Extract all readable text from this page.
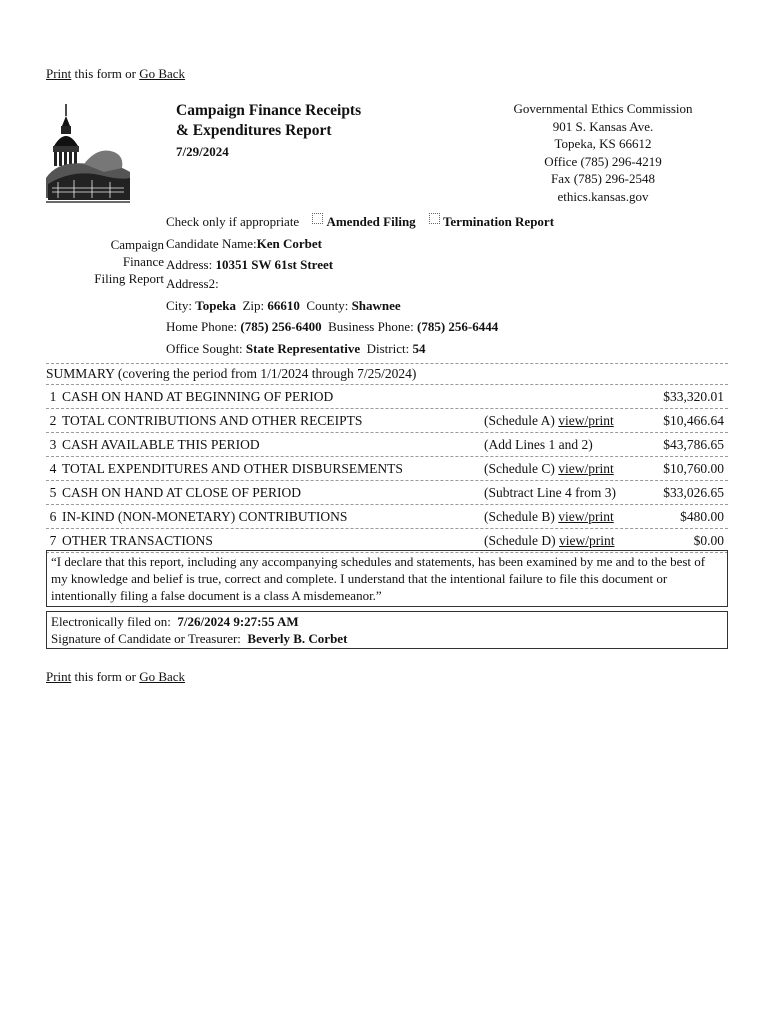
Print this form or Go Back
Campaign Finance Receipts
& Expenditures Report
7/29/2024
Governmental Ethics Commission
901 S. Kansas Ave.
Topeka, KS 66612
Office (785) 296-4219
Fax (785) 296-2548
ethics.kansas.gov
Check only if appropriate Amended Filing Termination Report
Campaign
Finance
Filing Report
Candidate Name:Ken Corbet
Address: 10351 SW 61st Street
Address2:
City: Topeka Zip: 66610 County: Shawnee
Home Phone: (785) 256-6400 Business Phone: (785) 256-6444
Office Sought: State Representative District: 54
SUMMARY (covering the period from 1/1/2024 through 7/25/2024)
1 CASH ON HAND AT BEGINNING OF PERIOD	$33,320.01
2 TOTAL CONTRIBUTIONS AND OTHER RECEIPTS	(Schedule A) view/print	$10,466.64
3 CASH AVAILABLE THIS PERIOD	(Add Lines 1 and 2)	$43,786.65
4 TOTAL EXPENDITURES AND OTHER DISBURSEMENTS	(Schedule C) view/print	$10,760.00
5 CASH ON HAND AT CLOSE OF PERIOD	(Subtract Line 4 from 3)	$33,026.65
6 IN-KIND (NON-MONETARY) CONTRIBUTIONS	(Schedule B) view/print	$480.00
7 OTHER TRANSACTIONS	(Schedule D) view/print	$0.00
“I declare that this report, including any accompanying schedules and statements, has been examined by me and to the best of my knowledge and belief is true, correct and complete. I understand that the intentional failure to file this document or intentionally filing a false document is a class A misdemeanor.”
Electronically filed on: 7/26/2024 9:27:55 AM
Signature of Candidate or Treasurer: Beverly B. Corbet
Print this form or Go Back
